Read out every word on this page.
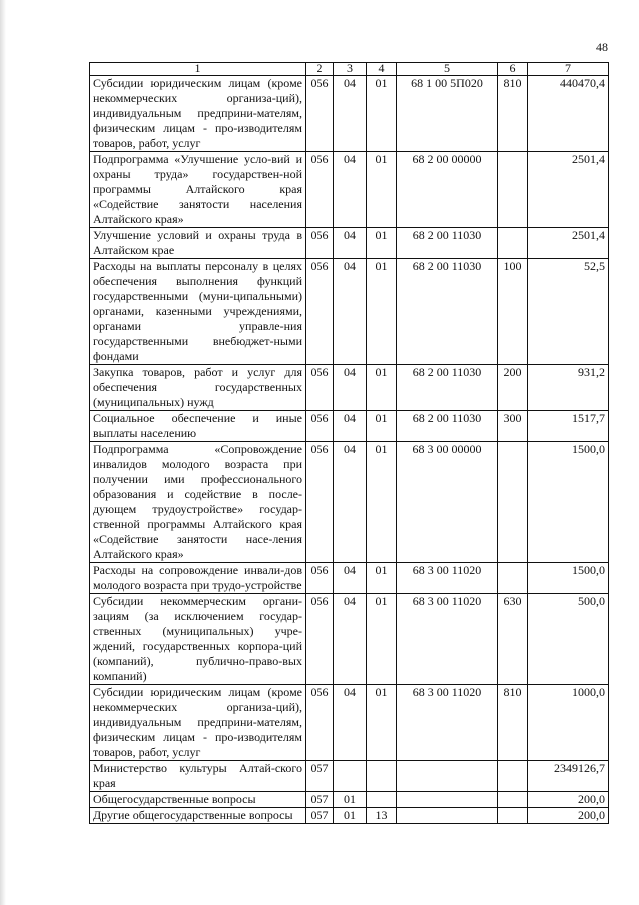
48
1	2	3	4	5	6	7
Субсидии юридическим лицам (кроме некоммерческих организа-ций), индивидуальным предприни-мателям, физическим лицам - про-изводителям товаров, работ, услуг	056	04	01	68 1 00 5П020	810	440470,4
Подпрограмма «Улучшение усло-вий и охраны труда» государствен-ной программы Алтайского края «Содействие занятости населения Алтайского края»	056	04	01	68 2 00 00000		2501,4
Улучшение условий и охраны труда в Алтайском крае	056	04	01	68 2 00 11030		2501,4
Расходы на выплаты персоналу в целях обеспечения выполнения функций государственными (муни-ципальными) органами, казенными учреждениями, органами управле-ния государственными внебюджет-ными фондами	056	04	01	68 2 00 11030	100	52,5
Закупка товаров, работ и услуг для обеспечения государственных (муниципальных) нужд	056	04	01	68 2 00 11030	200	931,2
Социальное обеспечение и иные выплаты населению	056	04	01	68 2 00 11030	300	1517,7
Подпрограмма «Сопровождение инвалидов молодого возраста при получении ими профессионального образования и содействие в после-дующем трудоустройстве» государ-ственной программы Алтайского края «Содействие занятости насе-ления Алтайского края»	056	04	01	68 3 00 00000		1500,0
Расходы на сопровождение инвали-дов молодого возраста при трудо-устройстве	056	04	01	68 3 00 11020		1500,0
Субсидии некоммерческим органи-зациям (за исключением государ-ственных (муниципальных) учре-ждений, государственных корпора-ций (компаний), публично-право-вых компаний)	056	04	01	68 3 00 11020	630	500,0
Субсидии юридическим лицам (кроме некоммерческих организа-ций), индивидуальным предприни-мателям, физическим лицам - про-изводителям товаров, работ, услуг	056	04	01	68 3 00 11020	810	1000,0
Министерство культуры Алтай-ского края	057					2349126,7
Общегосударственные вопросы	057	01				200,0
Другие общегосударственные вопросы	057	01	13			200,0
